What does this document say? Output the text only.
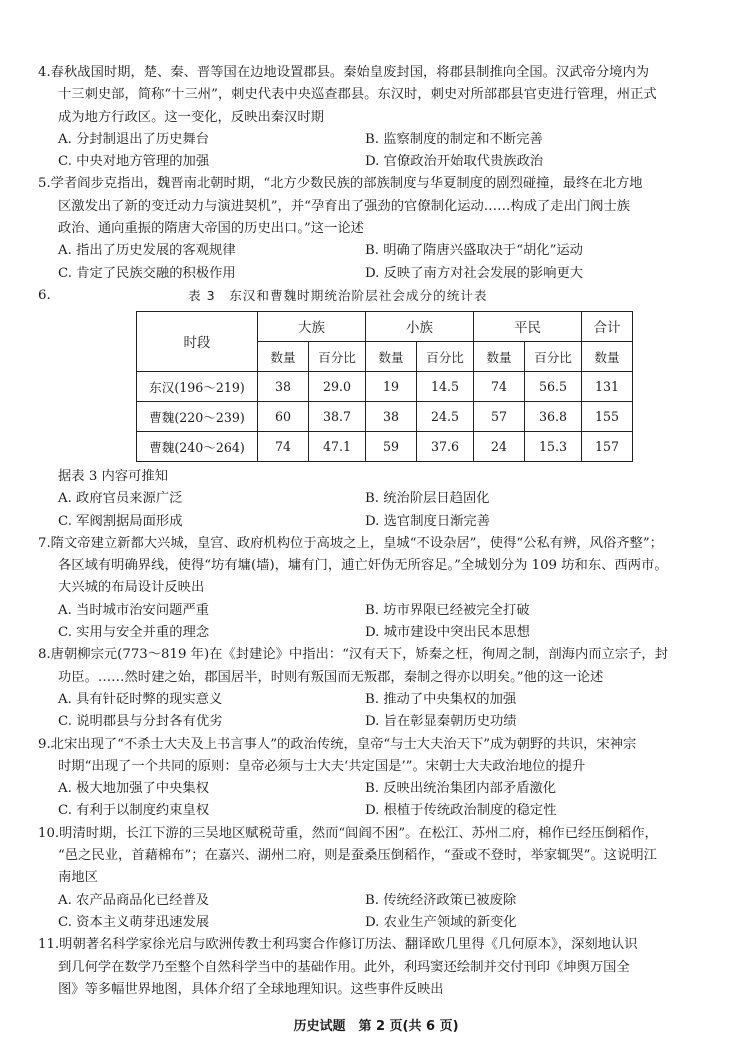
4.春秋战国时期，楚、秦、晋等国在边地设置郡县。秦始皇废封国，将郡县制推向全国。汉武帝分境内为
十三刺史部，简称“十三州”，刺史代表中央巡查郡县。东汉时，刺史对所部郡县官吏进行管理，州正式
成为地方行政区。这一变化，反映出秦汉时期
A. 分封制退出了历史舞台	B. 监察制度的制定和不断完善
C. 中央对地方管理的加强	D. 官僚政治开始取代贵族政治
5.学者阎步克指出，魏晋南北朝时期，“北方少数民族的部族制度与华夏制度的剧烈碰撞，最终在北方地
区激发出了新的变迁动力与演进契机”，并“孕育出了强劲的官僚制化运动……构成了走出门阀士族
政治、通向重振的隋唐大帝国的历史出口。”这一论述
A. 指出了历史发展的客观规律	B. 明确了隋唐兴盛取决于“胡化”运动
C. 肯定了民族交融的积极作用	D. 反映了南方对社会发展的影响更大
6.	表 3　东汉和曹魏时期统治阶层社会成分的统计表
时段	大族		小族		平民		合计
	数量	百分比	数量	百分比	数量	百分比	数量
东汉(196～219)	38	29.0	19	14.5	74	56.5	131
曹魏(220～239)	60	38.7	38	24.5	57	36.8	155
曹魏(240～264)	74	47.1	59	37.6	24	15.3	157
据表 3 内容可推知
A. 政府官员来源广泛	B. 统治阶层日趋固化
C. 军阀割据局面形成	D. 选官制度日渐完善
7.隋文帝建立新都大兴城，皇宫、政府机构位于高坡之上，皇城“不设杂居”，使得“公私有辨，风俗齐整”；
各区域有明确界线，使得“坊有墉(墙)，墉有门，逋亡奸伪无所容足。”全城划分为 109 坊和东、西两市。
大兴城的布局设计反映出
A. 当时城市治安问题严重	B. 坊市界限已经被完全打破
C. 实用与安全并重的理念	D. 城市建设中突出民本思想
8.唐朝柳宗元(773～819 年)在《封建论》中指出：“汉有天下，矫秦之枉，徇周之制，剖海内而立宗子，封
功臣。……然时建之始，郡国居半，时则有叛国而无叛郡，秦制之得亦以明矣。”他的这一论述
A. 具有针砭时弊的现实意义	B. 推动了中央集权的加强
C. 说明郡县与分封各有优劣	D. 旨在彰显秦朝历史功绩
9.北宋出现了“不杀士大夫及上书言事人”的政治传统，皇帝“与士大夫治天下”成为朝野的共识，宋神宗
时期“出现了一个共同的原则：皇帝必须与士大夫‘共定国是’”。宋朝士大夫政治地位的提升
A. 极大地加强了中央集权	B. 反映出统治集团内部矛盾激化
C. 有利于以制度约束皇权	D. 根植于传统政治制度的稳定性
10.明清时期，长江下游的三吴地区赋税苛重，然而“闾阎不困”。在松江、苏州二府，棉作已经压倒稻作，
“邑之民业，首藉棉布”；在嘉兴、湖州二府，则是蚕桑压倒稻作，“蚕或不登时，举家辄哭”。这说明江
南地区
A. 农产品商品化已经普及	B. 传统经济政策已被废除
C. 资本主义萌芽迅速发展	D. 农业生产领域的新变化
11.明朝著名科学家徐光启与欧洲传教士利玛窦合作修订历法、翻译欧几里得《几何原本》，深刻地认识
到几何学在数学乃至整个自然科学当中的基础作用。此外，利玛窦还绘制并交付刊印《坤舆万国全
图》等多幅世界地图，具体介绍了全球地理知识。这些事件反映出
历史试题　第 2 页(共 6 页)
